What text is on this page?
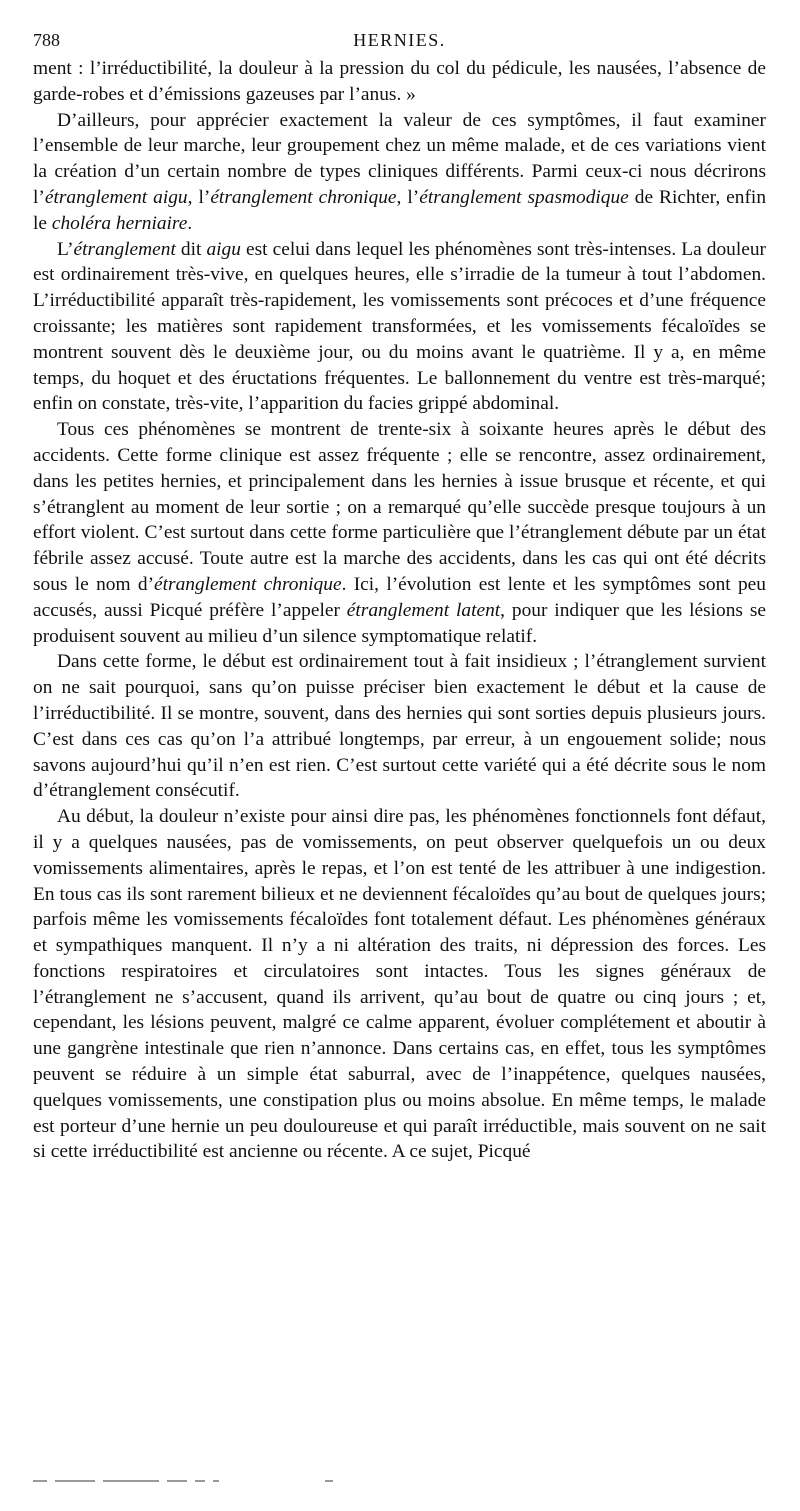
788	HERNIES.

ment : l’irréductibilité, la douleur à la pression du col du pédicule, les nausées, l’absence de garde-robes et d’émissions gazeuses par l’anus. »

D’ailleurs, pour apprécier exactement la valeur de ces symptômes, il faut examiner l’ensemble de leur marche, leur groupement chez un même malade, et de ces variations vient la création d’un certain nombre de types cliniques différents. Parmi ceux-ci nous décrirons l’étranglement aigu, l’étranglement chronique, l’étranglement spasmodique de Richter, enfin le choléra herniaire.

L’étranglement dit aigu est celui dans lequel les phénomènes sont très-intenses. La douleur est ordinairement très-vive, en quelques heures, elle s’irradie de la tumeur à tout l’abdomen. L’irréductibilité apparaît très-rapidement, les vomissements sont précoces et d’une fréquence croissante; les matières sont rapidement transformées, et les vomissements fécaloïdes se montrent souvent dès le deuxième jour, ou du moins avant le quatrième. Il y a, en même temps, du hoquet et des éructations fréquentes. Le ballonnement du ventre est très-marqué; enfin on constate, très-vite, l’apparition du facies grippé abdominal.

Tous ces phénomènes se montrent de trente-six à soixante heures après le début des accidents. Cette forme clinique est assez fréquente ; elle se rencontre, assez ordinairement, dans les petites hernies, et principalement dans les hernies à issue brusque et récente, et qui s’étranglent au moment de leur sortie ; on a remarqué qu’elle succède presque toujours à un effort violent. C’est surtout dans cette forme particulière que l’étranglement débute par un état fébrile assez accusé. Toute autre est la marche des accidents, dans les cas qui ont été décrits sous le nom d’étranglement chronique. Ici, l’évolution est lente et les symptômes sont peu accusés, aussi Picqué préfère l’appeler étranglement latent, pour indiquer que les lésions se produisent souvent au milieu d’un silence symptomatique relatif.

Dans cette forme, le début est ordinairement tout à fait insidieux ; l’étranglement survient on ne sait pourquoi, sans qu’on puisse préciser bien exactement le début et la cause de l’irréductibilité. Il se montre, souvent, dans des hernies qui sont sorties depuis plusieurs jours. C’est dans ces cas qu’on l’a attribué longtemps, par erreur, à un engouement solide; nous savons aujourd’hui qu’il n’en est rien. C’est surtout cette variété qui a été décrite sous le nom d’étranglement consécutif.

Au début, la douleur n’existe pour ainsi dire pas, les phénomènes fonctionnels font défaut, il y a quelques nausées, pas de vomissements, on peut observer quelquefois un ou deux vomissements alimentaires, après le repas, et l’on est tenté de les attribuer à une indigestion. En tous cas ils sont rarement bilieux et ne deviennent fécaloïdes qu’au bout de quelques jours; parfois même les vomissements fécaloïdes font totalement défaut. Les phénomènes généraux et sympathiques manquent. Il n’y a ni altération des traits, ni dépression des forces. Les fonctions respiratoires et circulatoires sont intactes. Tous les signes généraux de l’étranglement ne s’accusent, quand ils arrivent, qu’au bout de quatre ou cinq jours ; et, cependant, les lésions peuvent, malgré ce calme apparent, évoluer complétement et aboutir à une gangrène intestinale que rien n’annonce. Dans certains cas, en effet, tous les symptômes peuvent se réduire à un simple état saburral, avec de l’inappétence, quelques nausées, quelques vomissements, une constipation plus ou moins absolue. En même temps, le malade est porteur d’une hernie un peu douloureuse et qui paraît irréductible, mais souvent on ne sait si cette irréductibilité est ancienne ou récente. A ce sujet, Picqué
